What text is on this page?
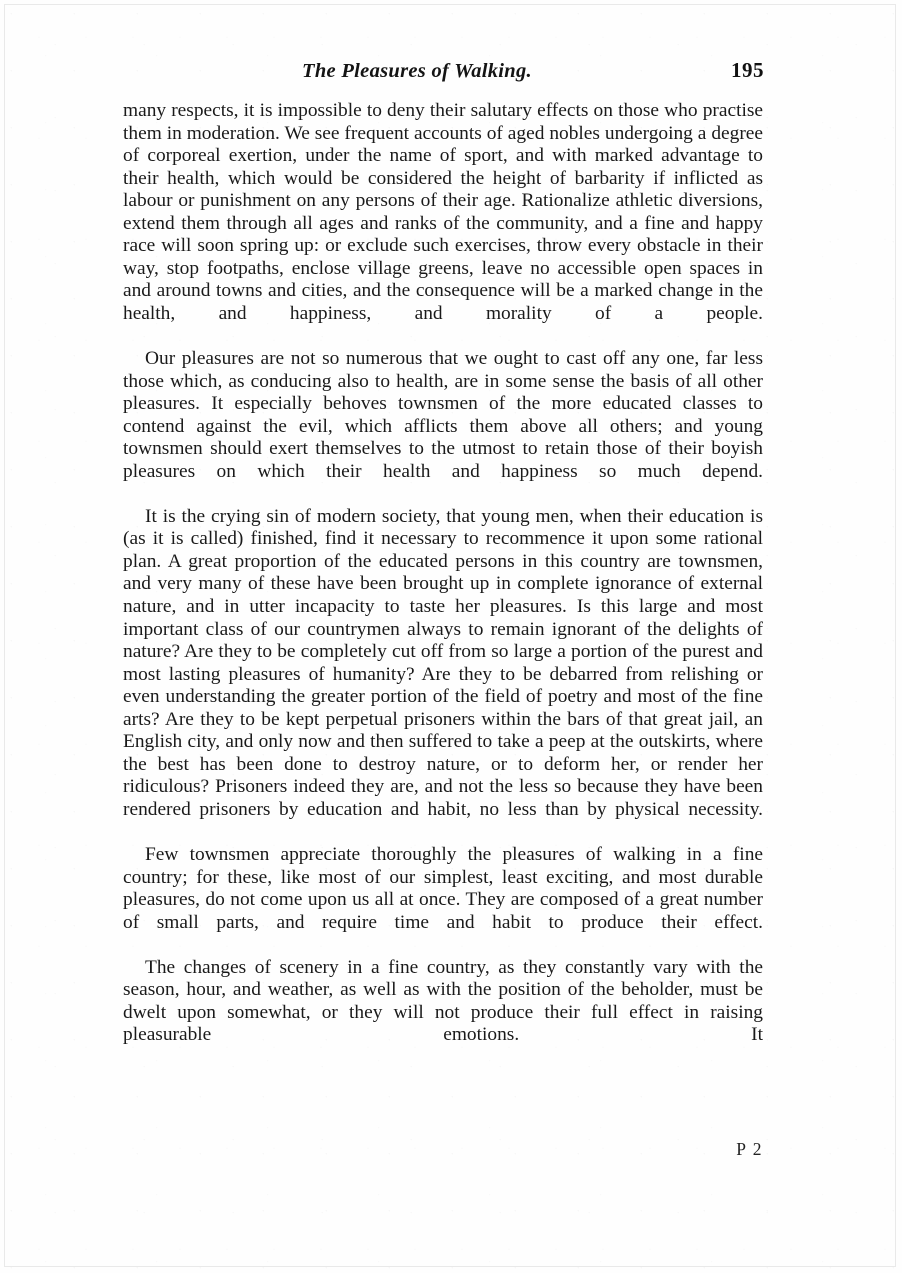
The Pleasures of Walking.	195

many respects, it is impossible to deny their salutary effects on those who practise them in moderation. We see frequent accounts of aged nobles undergoing a degree of corporeal exertion, under the name of sport, and with marked advantage to their health, which would be considered the height of barbarity if inflicted as labour or punishment on any persons of their age. Rationalize athletic diversions, extend them through all ages and ranks of the community, and a fine and happy race will soon spring up: or exclude such exercises, throw every obstacle in their way, stop footpaths, enclose village greens, leave no accessible open spaces in and around towns and cities, and the consequence will be a marked change in the health, and happiness, and morality of a people.

Our pleasures are not so numerous that we ought to cast off any one, far less those which, as conducing also to health, are in some sense the basis of all other pleasures. It especially behoves townsmen of the more educated classes to contend against the evil, which afflicts them above all others; and young townsmen should exert themselves to the utmost to retain those of their boyish pleasures on which their health and happiness so much depend.

It is the crying sin of modern society, that young men, when their education is (as it is called) finished, find it necessary to recommence it upon some rational plan. A great proportion of the educated persons in this country are townsmen, and very many of these have been brought up in complete ignorance of external nature, and in utter incapacity to taste her pleasures. Is this large and most important class of our countrymen always to remain ignorant of the delights of nature? Are they to be completely cut off from so large a portion of the purest and most lasting pleasures of humanity? Are they to be debarred from relishing or even understanding the greater portion of the field of poetry and most of the fine arts? Are they to be kept perpetual prisoners within the bars of that great jail, an English city, and only now and then suffered to take a peep at the outskirts, where the best has been done to destroy nature, or to deform her, or render her ridiculous? Prisoners indeed they are, and not the less so because they have been rendered prisoners by education and habit, no less than by physical necessity.

Few townsmen appreciate thoroughly the pleasures of walking in a fine country; for these, like most of our simplest, least exciting, and most durable pleasures, do not come upon us all at once. They are composed of a great number of small parts, and require time and habit to produce their effect.

The changes of scenery in a fine country, as they constantly vary with the season, hour, and weather, as well as with the position of the beholder, must be dwelt upon somewhat, or they will not produce their full effect in raising pleasurable emotions. It

P 2
